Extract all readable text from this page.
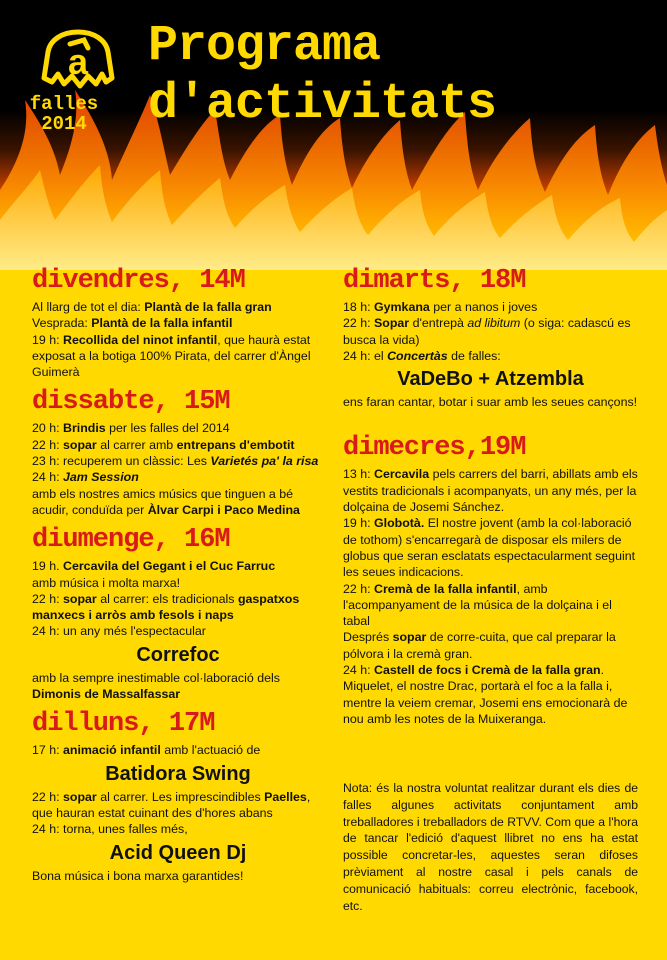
a
falles
2014
Programa
d'activitats
divendres, 14M

Al llarg de tot el dia: Plantà de la falla gran

Vesprada: Plantà de la falla infantil

19 h: Recollida del ninot infantil, que haurà estat exposat a la botiga 100% Pirata, del carrer d'Àngel Guimerà

dissabte, 15M

20 h: Brindis per les falles del 2014

22 h: sopar al carrer amb entrepans d'embotit

23 h: recuperem un clàssic: Les Varietés pa' la risa

24 h: Jam Session

amb els nostres amics músics que tinguen a bé acudir, conduïda per Àlvar Carpi i Paco Medina

diumenge, 16M

19 h. Cercavila del Gegant i el Cuc Farruc

amb música i molta marxa!

22 h: sopar al carrer: els tradicionals gaspatxos manxecs i arròs amb fesols i naps

24 h: un any més l'espectacular

Correfoc

amb la sempre inestimable col·laboració dels

Dimonis de Massalfassar

dilluns, 17M

17 h: animació infantil amb l'actuació de

Batidora Swing

22 h: sopar al carrer. Les imprescindibles Paelles, que hauran estat cuinant des d'hores abans

24 h: torna, unes falles més,

Acid Queen Dj

Bona música i bona marxa garantides!

dimarts, 18M

18 h: Gymkana per a nanos i joves

22 h: Sopar d'entrepà ad libitum (o siga: cadascú es busca la vida)

24 h: el Concertàs de falles:

VaDeBo + Atzembla

ens faran cantar, botar i suar amb les seues cançons!

dimecres,19M

13 h: Cercavila pels carrers del barri, abillats amb els vestits tradicionals i acompanyats, un any més, per la dolçaina de Josemi Sánchez.

19 h: Globotà. El nostre jovent (amb la col·laboració de tothom) s'encarregarà de disposar els milers de globus que seran esclatats espectacularment seguint les seues indicacions.

22 h: Cremà de la falla infantil, amb l'acompanyament de la música de la dolçaina i el tabal

Després sopar de corre-cuita, que cal preparar la pólvora i la cremà gran.

24 h: Castell de focs i Cremà de la falla gran. Miquelet, el nostre Drac, portarà el foc a la falla i, mentre la veiem cremar, Josemi ens emocionarà de nou amb les notes de la Muixeranga.

Nota: és la nostra voluntat realitzar durant els dies de falles algunes activitats conjuntament amb treballadores i treballadors de RTVV. Com que a l'hora de tancar l'edició d'aquest llibret no ens ha estat possible concretar-les, aquestes seran difoses prèviament al nostre casal i pels canals de comunicació habituals: correu electrònic, facebook, etc.
